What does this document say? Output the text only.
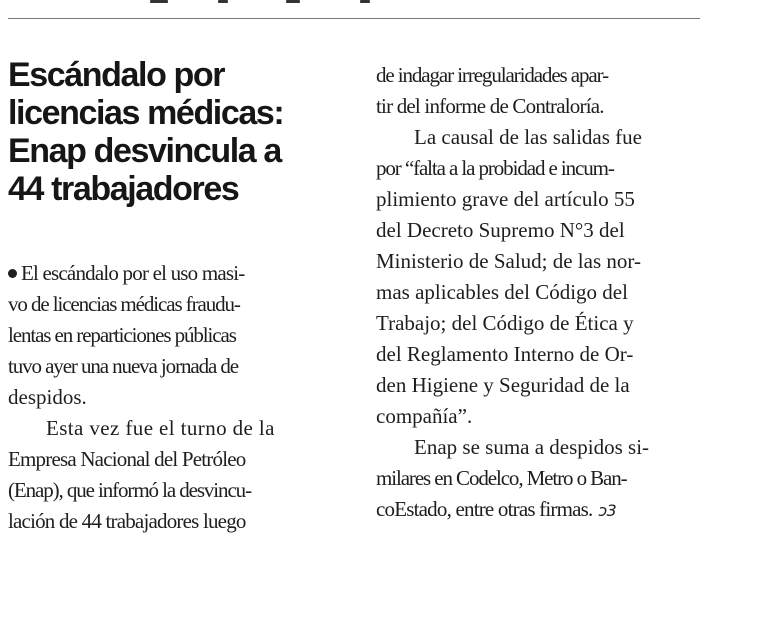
Escándalo por
licencias médicas:
Enap desvincula a
44 trabajadores
El escándalo por el uso masi-
vo de licencias médicas fraudu-
lentas en reparticiones públicas
tuvo ayer una nueva jornada de
despidos.
Esta vez fue el turno de la
Empresa Nacional del Petróleo
(Enap), que informó la desvincu-
lación de 44 trabajadores luego
de indagar irregularidades apar-
tir del informe de Contraloría.
La causal de las salidas fue
por “falta a la probidad e incum-
plimiento grave del artículo 55
del Decreto Supremo N°3 del
Ministerio de Salud; de las nor-
mas aplicables del Código del
Trabajo; del Código de Ética y
del Reglamento Interno de Or-
den Higiene y Seguridad de la
compañía”.
Enap se suma a despidos si-
milares en Codelco, Metro o Ban-
coEstado, entre otras firmas. ↄ3
